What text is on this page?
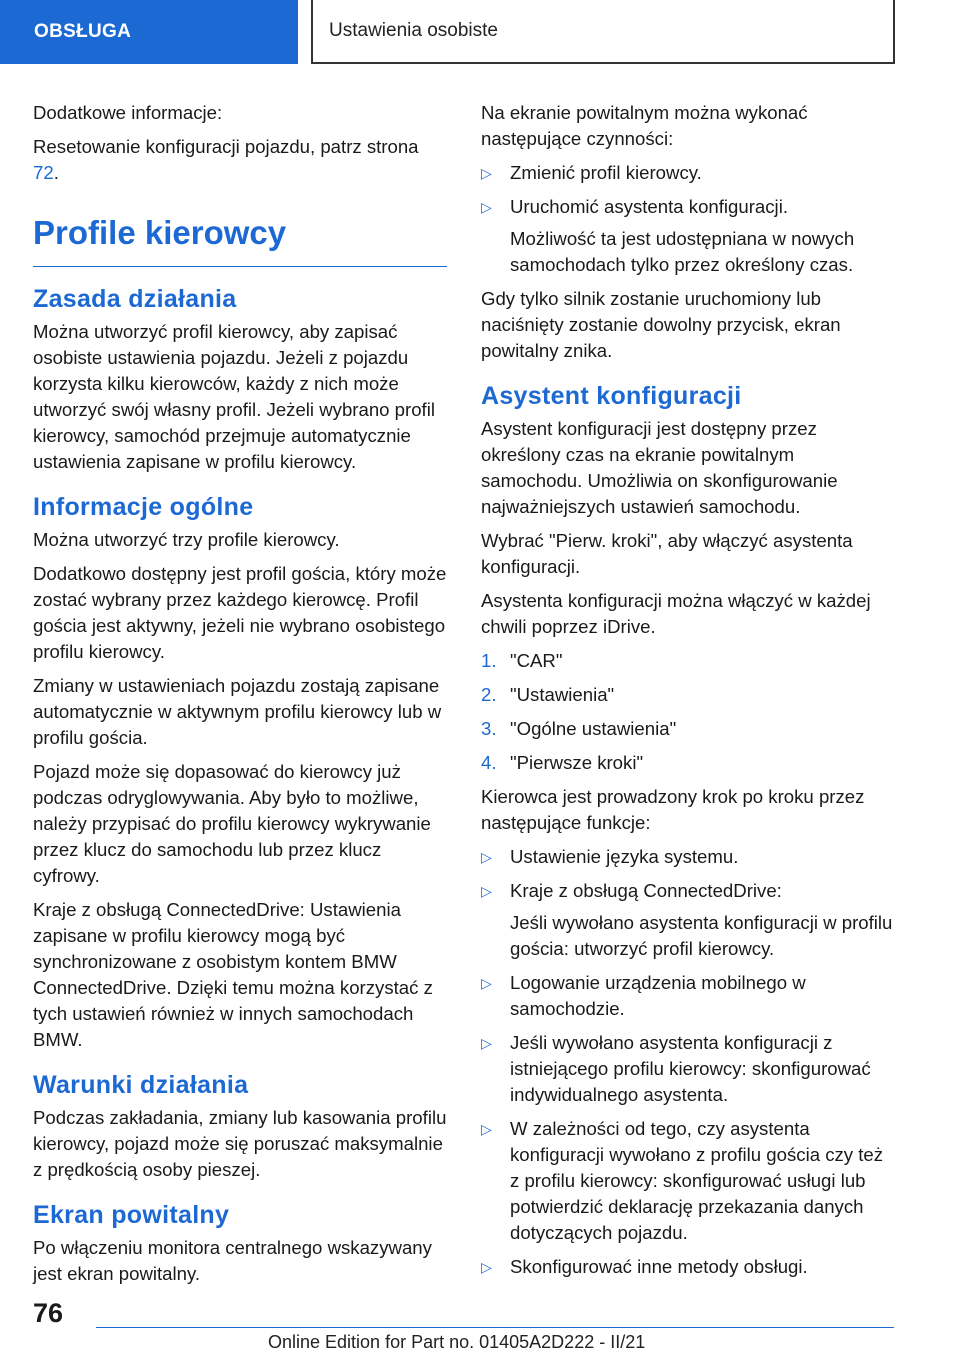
OBSŁUGA	Ustawienia osobiste

Dodatkowe informacje:

Resetowanie konfiguracji pojazdu, patrz strona 72.

Profile kierowcy
Zasada działania

Można utworzyć profil kierowcy, aby zapisać osobiste ustawienia pojazdu. Jeżeli z pojazdu korzysta kilku kierowców, każdy z nich może utworzyć swój własny profil. Jeżeli wybrano profil kierowcy, samochód przejmuje automatycznie ustawienia zapisane w profilu kierowcy.

Informacje ogólne

Można utworzyć trzy profile kierowcy.

Dodatkowo dostępny jest profil gościa, który może zostać wybrany przez każdego kierowcę. Profil gościa jest aktywny, jeżeli nie wybrano osobistego profilu kierowcy.

Zmiany w ustawieniach pojazdu zostają zapisane automatycznie w aktywnym profilu kierowcy lub w profilu gościa.

Pojazd może się dopasować do kierowcy już podczas odryglowywania. Aby było to możliwe, należy przypisać do profilu kierowcy wykrywanie przez klucz do samochodu lub przez klucz cyfrowy.

Kraje z obsługą ConnectedDrive: Ustawienia zapisane w profilu kierowcy mogą być synchronizowane z osobistym kontem BMW ConnectedDrive. Dzięki temu można korzystać z tych ustawień również w innych samochodach BMW.

Warunki działania

Podczas zakładania, zmiany lub kasowania profilu kierowcy, pojazd może się poruszać maksymalnie z prędkością osoby pieszej.

Ekran powitalny

Po włączeniu monitora centralnego wskazywany jest ekran powitalny.

Na ekranie powitalnym można wykonać następujące czynności:

▷ Zmienić profil kierowcy.
▷ Uruchomić asystenta konfiguracji.
Możliwość ta jest udostępniana w nowych samochodach tylko przez określony czas.

Gdy tylko silnik zostanie uruchomiony lub naciśnięty zostanie dowolny przycisk, ekran powitalny znika.

Asystent konfiguracji

Asystent konfiguracji jest dostępny przez określony czas na ekranie powitalnym samochodu. Umożliwia on skonfigurowanie najważniejszych ustawień samochodu.

Wybrać "Pierw. kroki", aby włączyć asystenta konfiguracji.

Asystenta konfiguracji można włączyć w każdej chwili poprzez iDrive.

1. "CAR"
2. "Ustawienia"
3. "Ogólne ustawienia"
4. "Pierwsze kroki"

Kierowca jest prowadzony krok po kroku przez następujące funkcje:

▷ Ustawienie języka systemu.
▷ Kraje z obsługą ConnectedDrive:
Jeśli wywołano asystenta konfiguracji w profilu gościa: utworzyć profil kierowcy.
▷ Logowanie urządzenia mobilnego w samochodzie.
▷ Jeśli wywołano asystenta konfiguracji z istniejącego profilu kierowcy: skonfigurować indywidualnego asystenta.
▷ W zależności od tego, czy asystenta konfiguracji wywołano z profilu gościa czy też z profilu kierowcy: skonfigurować usługi lub potwierdzić deklarację przekazania danych dotyczących pojazdu.
▷ Skonfigurować inne metody obsługi.
76
Online Edition for Part no. 01405A2D222 - II/21
